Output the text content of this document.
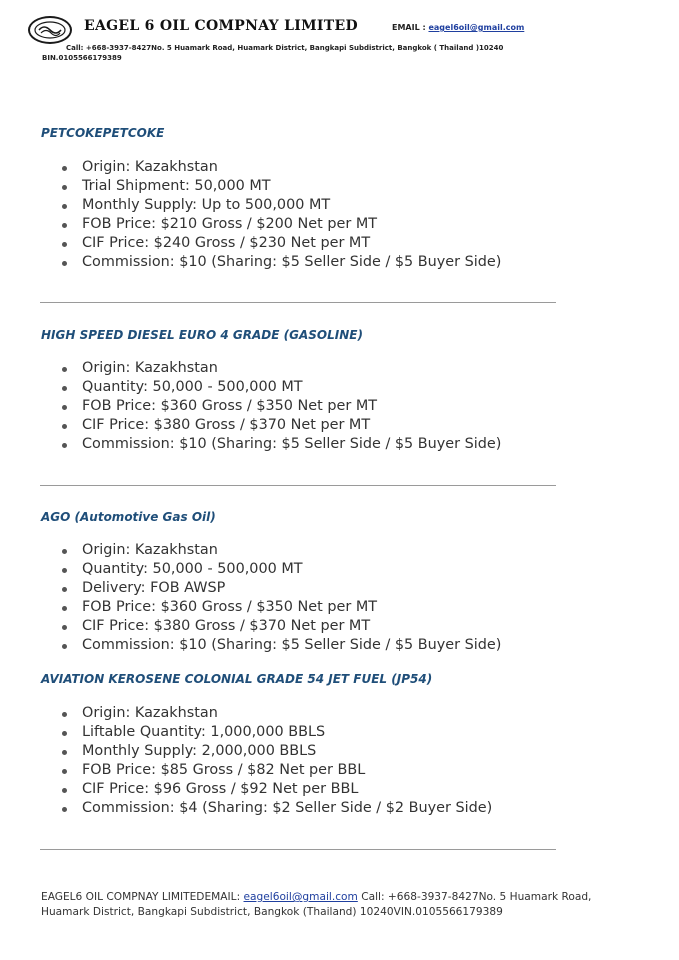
EAGEL 6 OIL COMPNAY LIMITED	EMAIL : eagel6oil@gmail.com
Call: +668-3937-8427No. 5 Huamark Road, Huamark District, Bangkapi Subdistrict, Bangkok ( Thailand )10240
BIN.0105566179389
PETCOKEPETCOKE
Origin: Kazakhstan
Trial Shipment: 50,000 MT
Monthly Supply: Up to 500,000 MT
FOB Price: $210 Gross / $200 Net per MT
CIF Price: $240 Gross / $230 Net per MT
Commission: $10 (Sharing: $5 Seller Side / $5 Buyer Side)
HIGH SPEED DIESEL EURO 4 GRADE (GASOLINE)
Origin: Kazakhstan
Quantity: 50,000 - 500,000 MT
FOB Price: $360 Gross / $350 Net per MT
CIF Price: $380 Gross / $370 Net per MT
Commission: $10 (Sharing: $5 Seller Side / $5 Buyer Side)
AGO (Automotive Gas Oil)
Origin: Kazakhstan
Quantity: 50,000 - 500,000 MT
Delivery: FOB AWSP
FOB Price: $360 Gross / $350 Net per MT
CIF Price: $380 Gross / $370 Net per MT
Commission: $10 (Sharing: $5 Seller Side / $5 Buyer Side)
AVIATION KEROSENE COLONIAL GRADE 54 JET FUEL (JP54)
Origin: Kazakhstan
Liftable Quantity: 1,000,000 BBLS
Monthly Supply: 2,000,000 BBLS
FOB Price: $85 Gross / $82 Net per BBL
CIF Price: $96 Gross / $92 Net per BBL
Commission: $4 (Sharing: $2 Seller Side / $2 Buyer Side)
EAGEL6 OIL COMPNAY LIMITEDEMAIL: eagel6oil@gmail.com Call: +668-3937-8427No. 5 Huamark Road, Huamark District, Bangkapi Subdistrict, Bangkok (Thailand) 10240VIN.0105566179389
